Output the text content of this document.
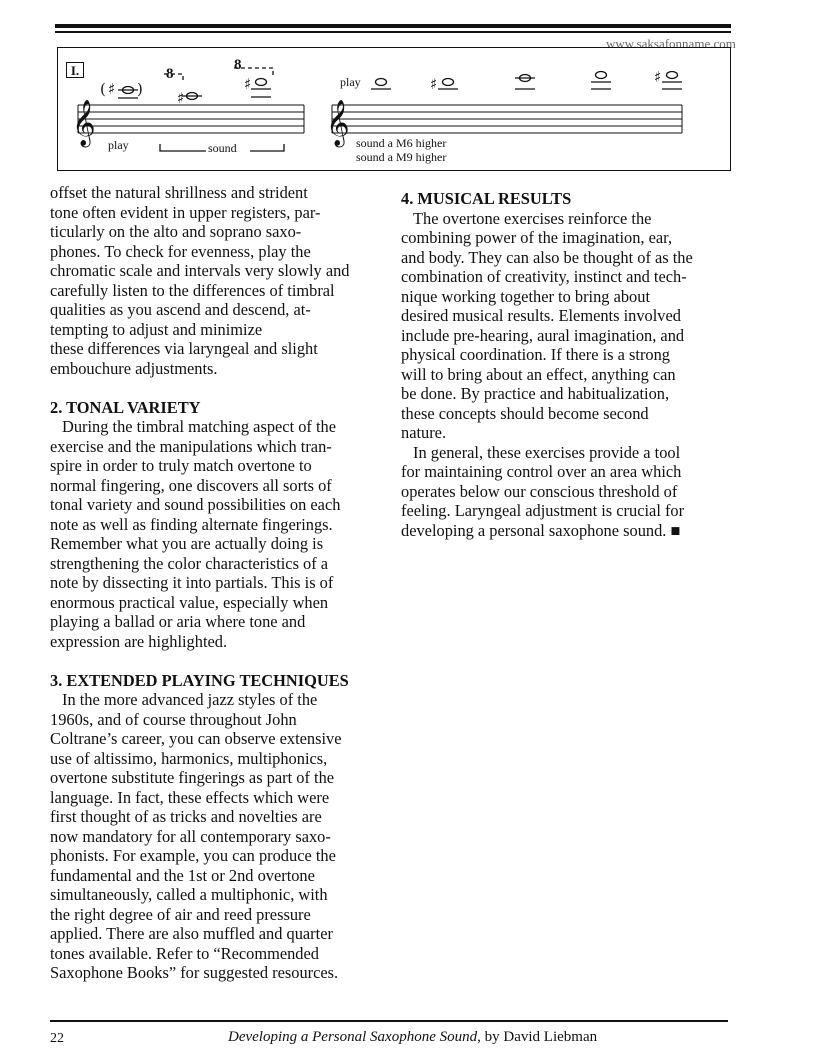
www.saksafonname.com
𝄞	𝄞
( ♯ ) ♯
♯	♯	♯
I.	8
8
play	sound
play
sound a M6 higher
sound a M9 higher

offset the natural shrillness and strident

tone often evident in upper registers, par-

ticularly on the alto and soprano saxo-

phones. To check for evenness, play the

chromatic scale and intervals very slowly and

carefully listen to the differences of timbral

qualities as you ascend and descend, at-

tempting to adjust and minimize

these differences via laryngeal and slight

embouchure adjustments.

2. TONAL VARIETY

During the timbral matching aspect of the

exercise and the manipulations which tran-

spire in order to truly match overtone to

normal fingering, one discovers all sorts of

tonal variety and sound possibilities on each

note as well as finding alternate fingerings.

Remember what you are actually doing is

strengthening the color characteristics of a

note by dissecting it into partials. This is of

enormous practical value, especially when

playing a ballad or aria where tone and

expression are highlighted.

3. EXTENDED PLAYING TECHNIQUES

In the more advanced jazz styles of the

1960s, and of course throughout John

Coltrane’s career, you can observe extensive

use of altissimo, harmonics, multiphonics,

overtone substitute fingerings as part of the

language. In fact, these effects which were

first thought of as tricks and novelties are

now mandatory for all contemporary saxo-

phonists. For example, you can produce the

fundamental and the 1st or 2nd overtone

simultaneously, called a multiphonic, with

the right degree of air and reed pressure

applied. There are also muffled and quarter

tones available. Refer to “Recommended

Saxophone Books” for suggested resources.

4. MUSICAL RESULTS

The overtone exercises reinforce the

combining power of the imagination, ear,

and body. They can also be thought of as the

combination of creativity, instinct and tech-

nique working together to bring about

desired musical results. Elements involved

include pre-hearing, aural imagination, and

physical coordination. If there is a strong

will to bring about an effect, anything can

be done. By practice and habitualization,

these concepts should become second

nature.

In general, these exercises provide a tool

for maintaining control over an area which

operates below our conscious threshold of

feeling. Laryngeal adjustment is crucial for

developing a personal saxophone sound. ■

22	Developing a Personal Saxophone Sound, by David Liebman
